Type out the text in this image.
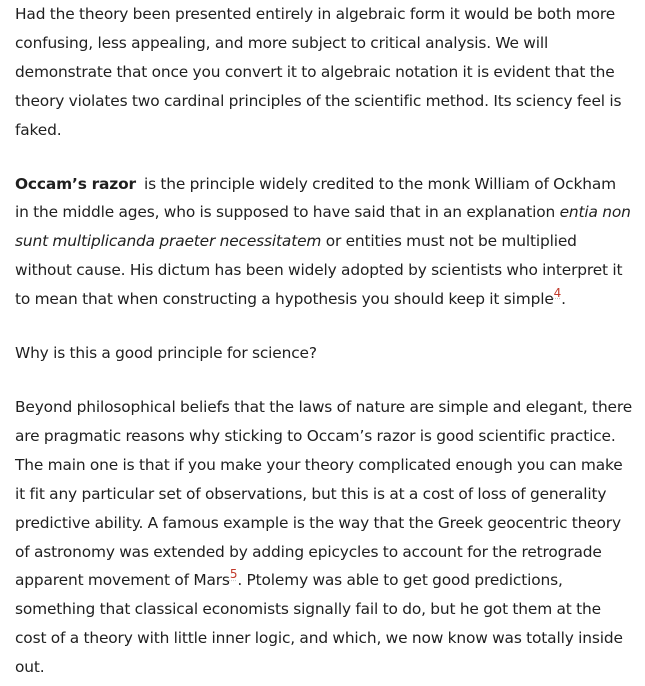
Had the theory been presented entirely in algebraic form it would be both more confusing, less appealing, and more subject to critical analysis. We will demonstrate that once you convert it to algebraic notation it is evident that the theory violates two cardinal principles of the scientific method. Its sciency feel is faked.

Occam’s razor is the principle widely credited to the monk William of Ockham in the middle ages, who is supposed to have said that in an explanation entia non sunt multiplicanda praeter necessitatem or entities must not be multiplied without cause. His dictum has been widely adopted by scientists who interpret it to mean that when constructing a hypothesis you should keep it simple$^4$.

Why is this a good principle for science?

Beyond philosophical beliefs that the laws of nature are simple and elegant, there are pragmatic reasons why sticking to Occam’s razor is good scientific practice. The main one is that if you make your theory complicated enough you can make it fit any particular set of observations, but this is at a cost of loss of generality predictive ability. A famous example is the way that the Greek geocentric theory of astronomy was extended by adding epicycles to account for the retrograde apparent movement of Mars$^5$. Ptolemy was able to get good predictions, something that classical economists signally fail to do, but he got them at the cost of a theory with little inner logic, and which, we now know was totally inside out.
